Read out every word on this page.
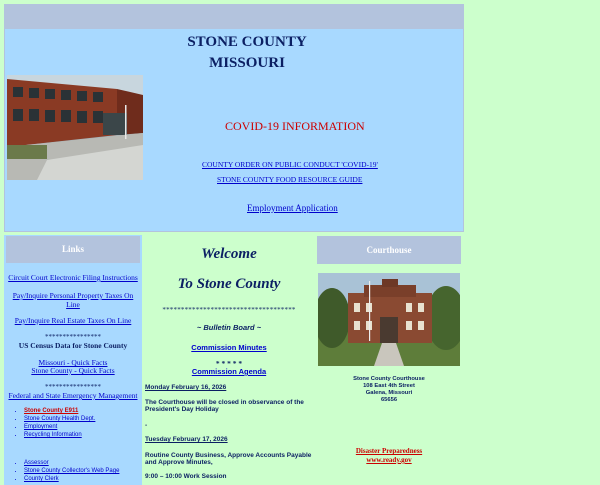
STONE COUNTY
MISSOURI
COVID-19 INFORMATION
COUNTY ORDER ON PUBLIC CONDUCT 'COVID-19'
STONE COUNTY FOOD RESOURCE GUIDE
Employment Application
Links
Circuit Court Electronic Filing Instructions
Pay/Inquire Personal Property Taxes On Line
Pay/Inquire Real Estate Taxes On Line
****************
US Census Data for Stone County
Missouri - Quick Facts
Stone County - Quick Facts
****************
Federal and State Emergency Management
• Stone County E911
• Stone County Health Dept.
• Employment
• Recycling Information
• Assessor
• Stone County Collector's Web Page
• County Clerk
Welcome
To Stone County
************************************
~ Bulletin Board ~
Commission Minutes
* * * * *
Commission Agenda
Monday February 16, 2026
The Courthouse will be closed in observance of the President's Day Holiday
-
Tuesday February 17, 2026
Routine County Business, Approve Accounts Payable and Approve Minutes,
9:00 – 10:00 Work Session
Courthouse
Stone County Courthouse
108 East 4th Street
Galena, Missouri
65656
Disaster Preparedness
www.ready.gov
